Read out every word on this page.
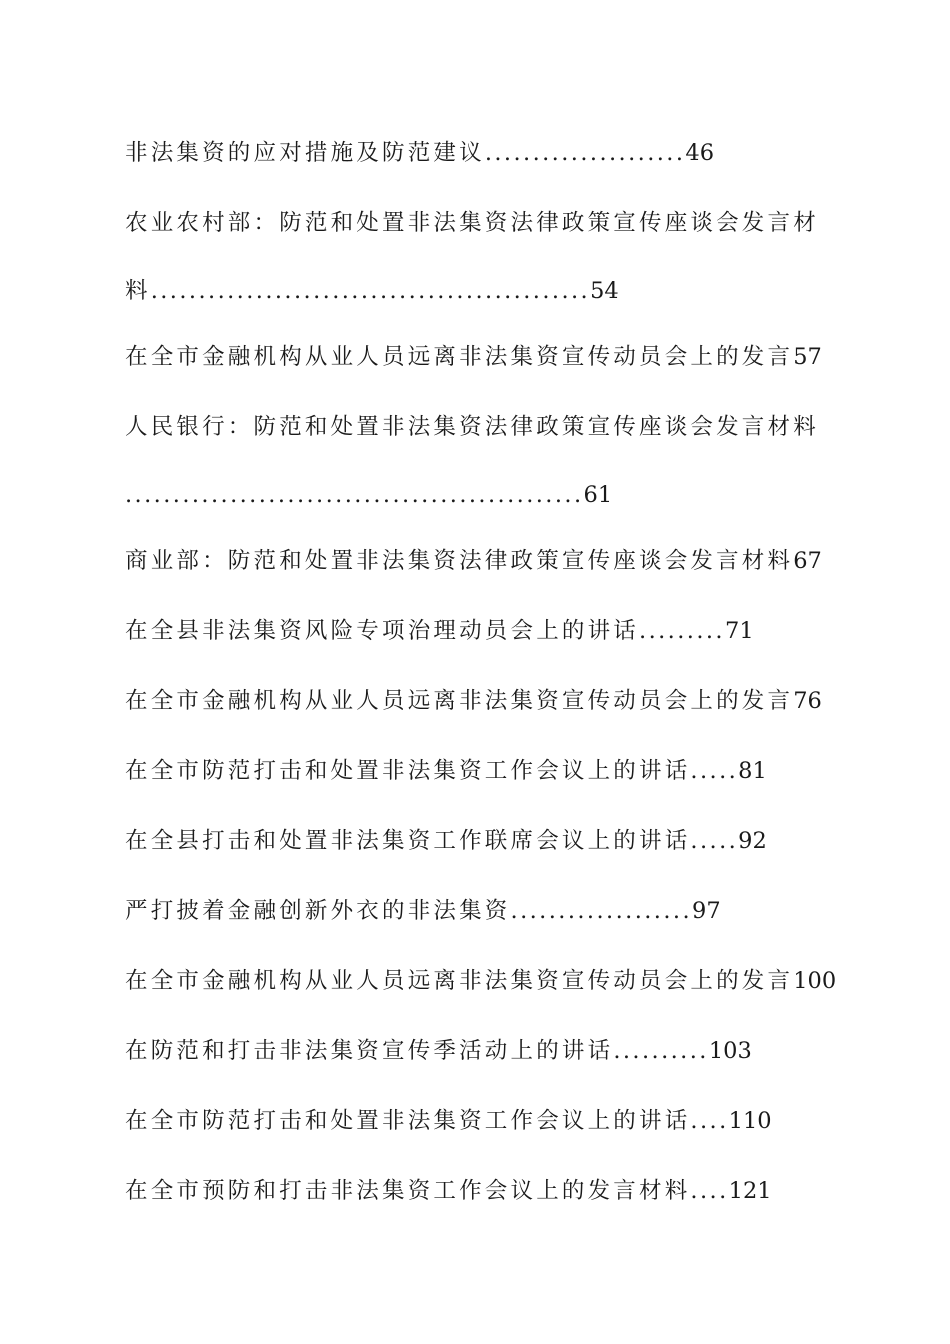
非法集资的应对措施及防范建议.....................46
农业农村部：防范和处置非法集资法律政策宣传座谈会发言材
料..............................................54
在全市金融机构从业人员远离非法集资宣传动员会上的发言57
人民银行：防范和处置非法集资法律政策宣传座谈会发言材料
................................................61
商业部：防范和处置非法集资法律政策宣传座谈会发言材料67
在全县非法集资风险专项治理动员会上的讲话.........71
在全市金融机构从业人员远离非法集资宣传动员会上的发言76
在全市防范打击和处置非法集资工作会议上的讲话.....81
在全县打击和处置非法集资工作联席会议上的讲话.....92
严打披着金融创新外衣的非法集资...................97
在全市金融机构从业人员远离非法集资宣传动员会上的发言100
在防范和打击非法集资宣传季活动上的讲话..........103
在全市防范打击和处置非法集资工作会议上的讲话....110
在全市预防和打击非法集资工作会议上的发言材料....121
